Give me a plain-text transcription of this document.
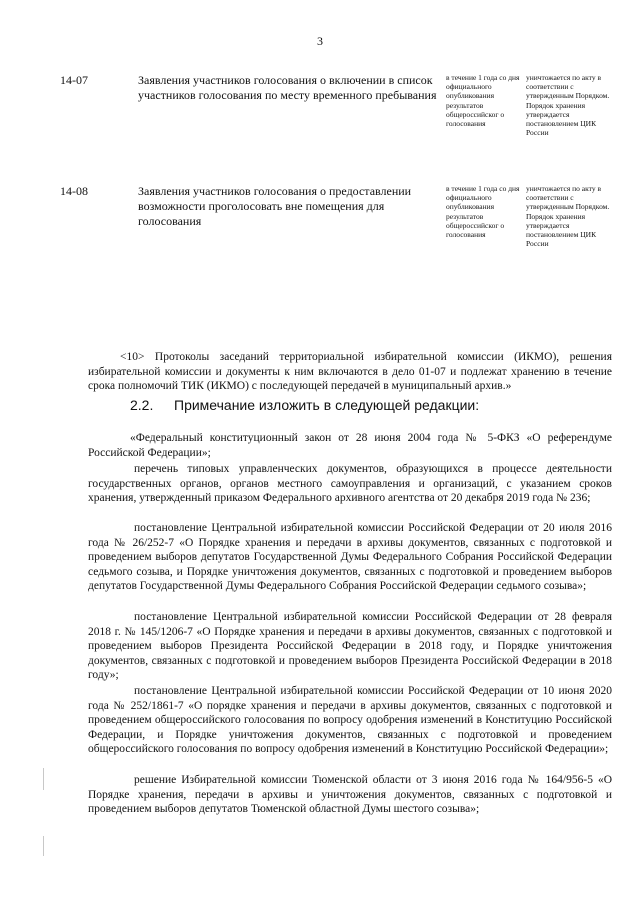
3
14-07	Заявления участников голосования о включении в список участников голосования по месту временного пребывания
в течение 1 года со дня официального опубликования результатов общероссийског о голосования
уничтожается по акту в соответствии с утвержденным Порядком. Порядок хранения утверждается постановлением ЦИК России
14-08	Заявления участников голосования о предоставлении возможности проголосовать вне помещения для голосования
в течение 1 года со дня официального опубликования результатов общероссийског о голосования
уничтожается по акту в соответствии с утвержденным Порядком. Порядок хранения утверждается постановлением ЦИК России
<10> Протоколы заседаний территориальной избирательной комиссии (ИКМО), решения избирательной комиссии и документы к ним включаются в дело 01-07 и подлежат хранению в течение срока полномочий ТИК (ИКМО) с последующей передачей в муниципальный архив.»
2.2. Примечание изложить в следующей редакции:
«Федеральный конституционный закон от 28 июня 2004 года № 5-ФКЗ «О референдуме Российской Федерации»;
перечень типовых управленческих документов, образующихся в процессе деятельности государственных органов, органов местного самоуправления и организаций, с указанием сроков хранения, утвержденный приказом Федерального архивного агентства от 20 декабря 2019 года № 236;
постановление Центральной избирательной комиссии Российской Федерации от 20 июля 2016 года № 26/252-7 «О Порядке хранения и передачи в архивы документов, связанных с подготовкой и проведением выборов депутатов Государственной Думы Федерального Собрания Российской Федерации седьмого созыва, и Порядке уничтожения документов, связанных с подготовкой и проведением выборов депутатов Государственной Думы Федерального Собрания Российской Федерации седьмого созыва»;
постановление Центральной избирательной комиссии Российской Федерации от 28 февраля 2018 г. № 145/1206-7 «О Порядке хранения и передачи в архивы документов, связанных с подготовкой и проведением выборов Президента Российской Федерации в 2018 году, и Порядке уничтожения документов, связанных с подготовкой и проведением выборов Президента Российской Федерации в 2018 году»;
постановление Центральной избирательной комиссии Российской Федерации от 10 июня 2020 года № 252/1861-7 «О порядке хранения и передачи в архивы документов, связанных с подготовкой и проведением общероссийского голосования по вопросу одобрения изменений в Конституцию Российской Федерации, и Порядке уничтожения документов, связанных с подготовкой и проведением общероссийского голосования по вопросу одобрения изменений в Конституцию Российской Федерации»;
решение Избирательной комиссии Тюменской области от 3 июня 2016 года № 164/956-5 «О Порядке хранения, передачи в архивы и уничтожения документов, связанных с подготовкой и проведением выборов депутатов Тюменской областной Думы шестого созыва»;
